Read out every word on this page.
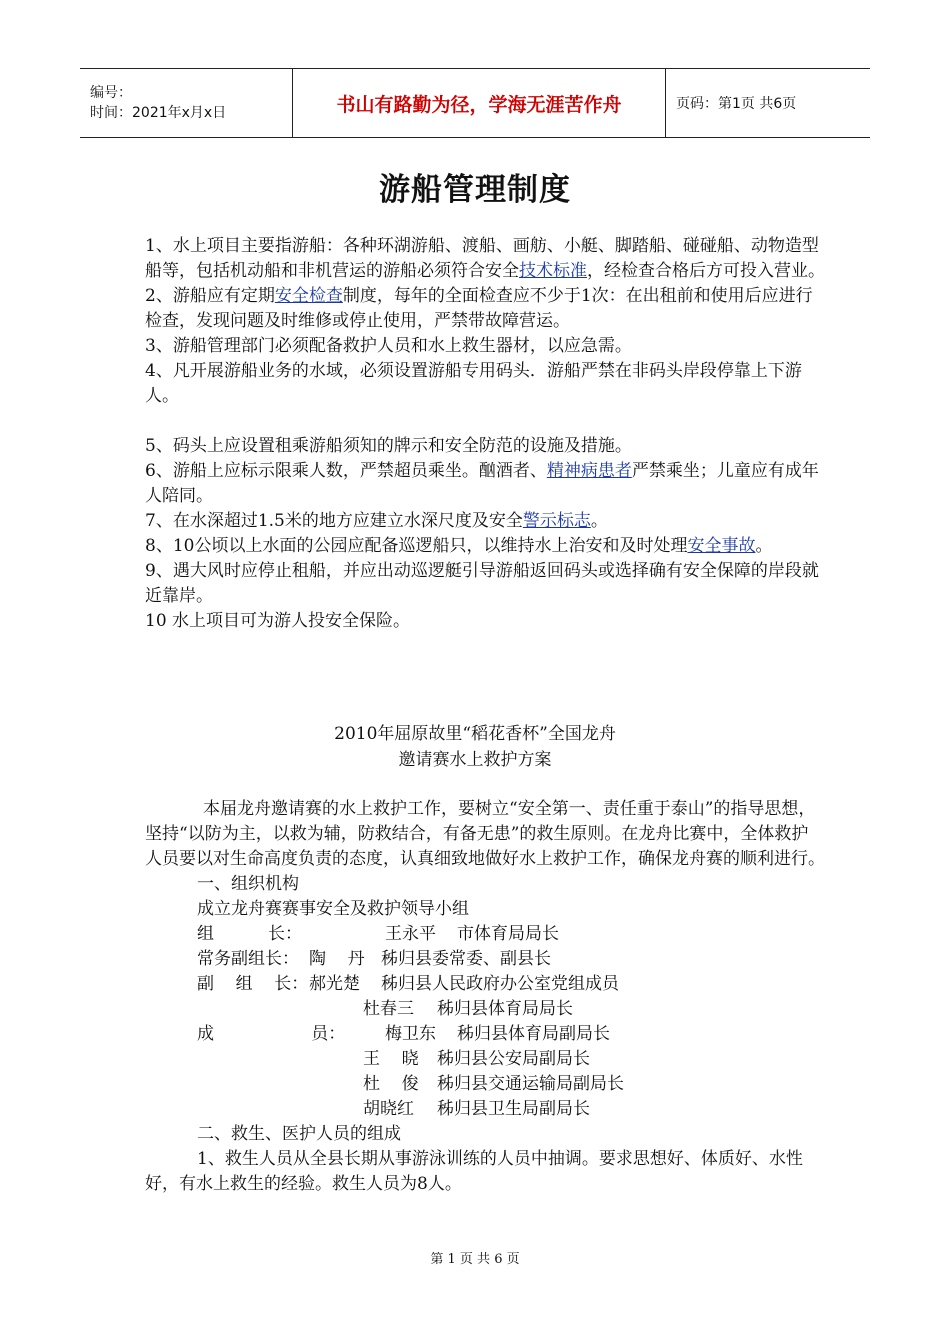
编号：
时间：2021年x月x日	书山有路勤为径，学海无涯苦作舟	页码：第1页 共6页
游船管理制度

1、水上项目主要指游船：各种环湖游船、渡船、画舫、小艇、脚踏船、碰碰船、动物造型船等，包括机动船和非机营运的游船必须符合安全技术标准，经检查合格后方可投入营业。

2、游船应有定期安全检查制度，每年的全面检查应不少于1次：在出租前和使用后应进行检查，发现问题及时维修或停止使用，严禁带故障营运。

3、游船管理部门必须配备救护人员和水上救生器材，以应急需。

4、凡开展游船业务的水域，必须设置游船专用码头．游船严禁在非码头岸段停靠上下游人。

5、码头上应设置租乘游船须知的牌示和安全防范的设施及措施。

6、游船上应标示限乘人数，严禁超员乘坐。酗酒者、精神病患者严禁乘坐；儿童应有成年人陪同。

7、在水深超过1.5米的地方应建立水深尺度及安全警示标志。

8、10公顷以上水面的公园应配备巡逻船只，以维持水上治安和及时处理安全事故。

9、遇大风时应停止租船，并应出动巡逻艇引导游船返回码头或选择确有安全保障的岸段就近靠岸。

10 水上项目可为游人投安全保险。

2010年屈原故里“稻花香杯”全国龙舟
邀请赛水上救护方案

本届龙舟邀请赛的水上救护工作，要树立“安全第一、责任重于泰山”的指导思想，坚持“以防为主，以救为辅，防救结合，有备无患”的救生原则。在龙舟比赛中，全体救护人员要以对生命高度负责的态度，认真细致地做好水上救护工作，确保龙舟赛的顺利进行。

一、组织机构

成立龙舟赛赛事安全及救护领导小组

组          长：	王永平	市体育局局长
常务副组长： 陶    丹 秭归县委常委、副县长
副    组    长： 郝光楚	秭归县人民政府办公室党组成员
杜春三	秭归县体育局局长
成                  员：	梅卫东	秭归县体育局副局长
王    晓	秭归县公安局副局长
杜    俊	秭归县交通运输局副局长
胡晓红	秭归县卫生局副局长

二、救生、医护人员的组成

1、救生人员从全县长期从事游泳训练的人员中抽调。要求思想好、体质好、水性好，有水上救生的经验。救生人员为8人。

第 1 页 共 6 页
